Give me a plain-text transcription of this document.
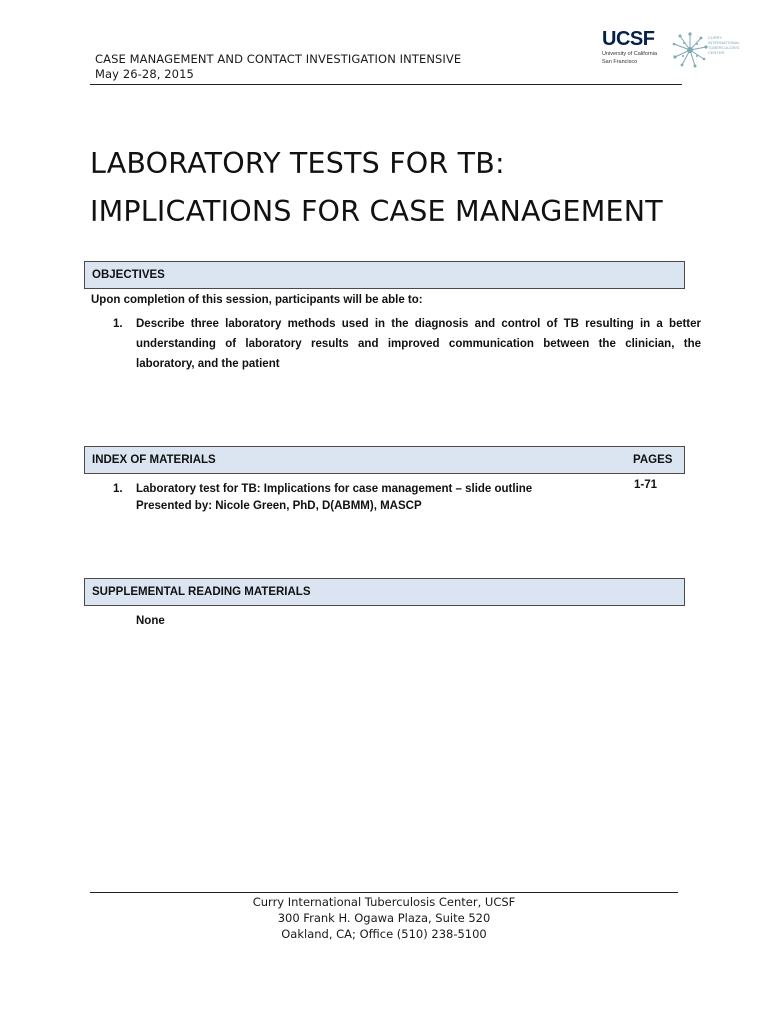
CASE MANAGEMENT AND CONTACT INVESTIGATION INTENSIVE
May 26-28, 2015
UCSF
University of California
San Francisco
CURRY
INTERNATIONAL
TUBERCULOSIS
CENTER
LABORATORY TESTS FOR TB:
IMPLICATIONS FOR CASE MANAGEMENT
OBJECTIVES
Upon completion of this session, participants will be able to:
1. Describe three laboratory methods used in the diagnosis and control of TB resulting in a better understanding of laboratory results and improved communication between the clinician, the laboratory, and the patient
INDEX OF MATERIALS	PAGES
1. Laboratory test for TB: Implications for case management – slide outline
Presented by: Nicole Green, PhD, D(ABMM), MASCP
1-71
SUPPLEMENTAL READING MATERIALS
None
Curry International Tuberculosis Center, UCSF
300 Frank H. Ogawa Plaza, Suite 520
Oakland, CA; Office (510) 238-5100
